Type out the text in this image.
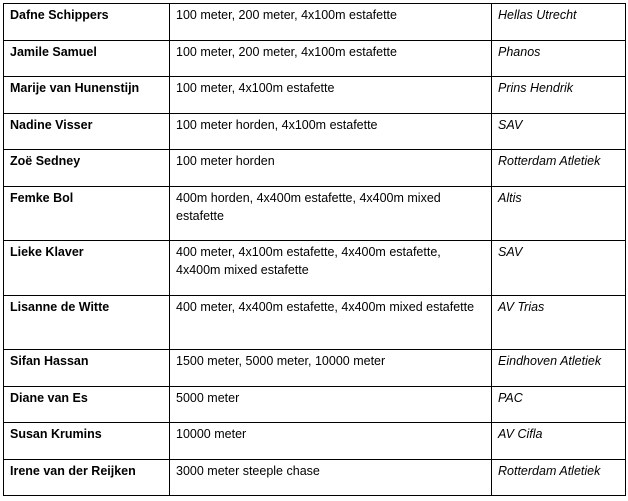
Dafne Schippers	100 meter, 200 meter, 4x100m estafette	Hellas Utrecht
Jamile Samuel	100 meter, 200 meter, 4x100m estafette	Phanos
Marije van Hunenstijn	100 meter, 4x100m estafette	Prins Hendrik
Nadine Visser	100 meter horden, 4x100m estafette	SAV
Zoë Sedney	100 meter horden	Rotterdam Atletiek
Femke Bol	400m horden, 4x400m estafette, 4x400m mixed estafette	Altis
Lieke Klaver	400 meter, 4x100m estafette, 4x400m estafette, 4x400m mixed estafette	SAV
Lisanne de Witte	400 meter, 4x400m estafette, 4x400m mixed estafette	AV Trias
Sifan Hassan	1500 meter, 5000 meter, 10000 meter	Eindhoven Atletiek
Diane van Es	5000 meter	PAC
Susan Krumins	10000 meter	AV Cifla
Irene van der Reijken	3000 meter steeple chase	Rotterdam Atletiek
